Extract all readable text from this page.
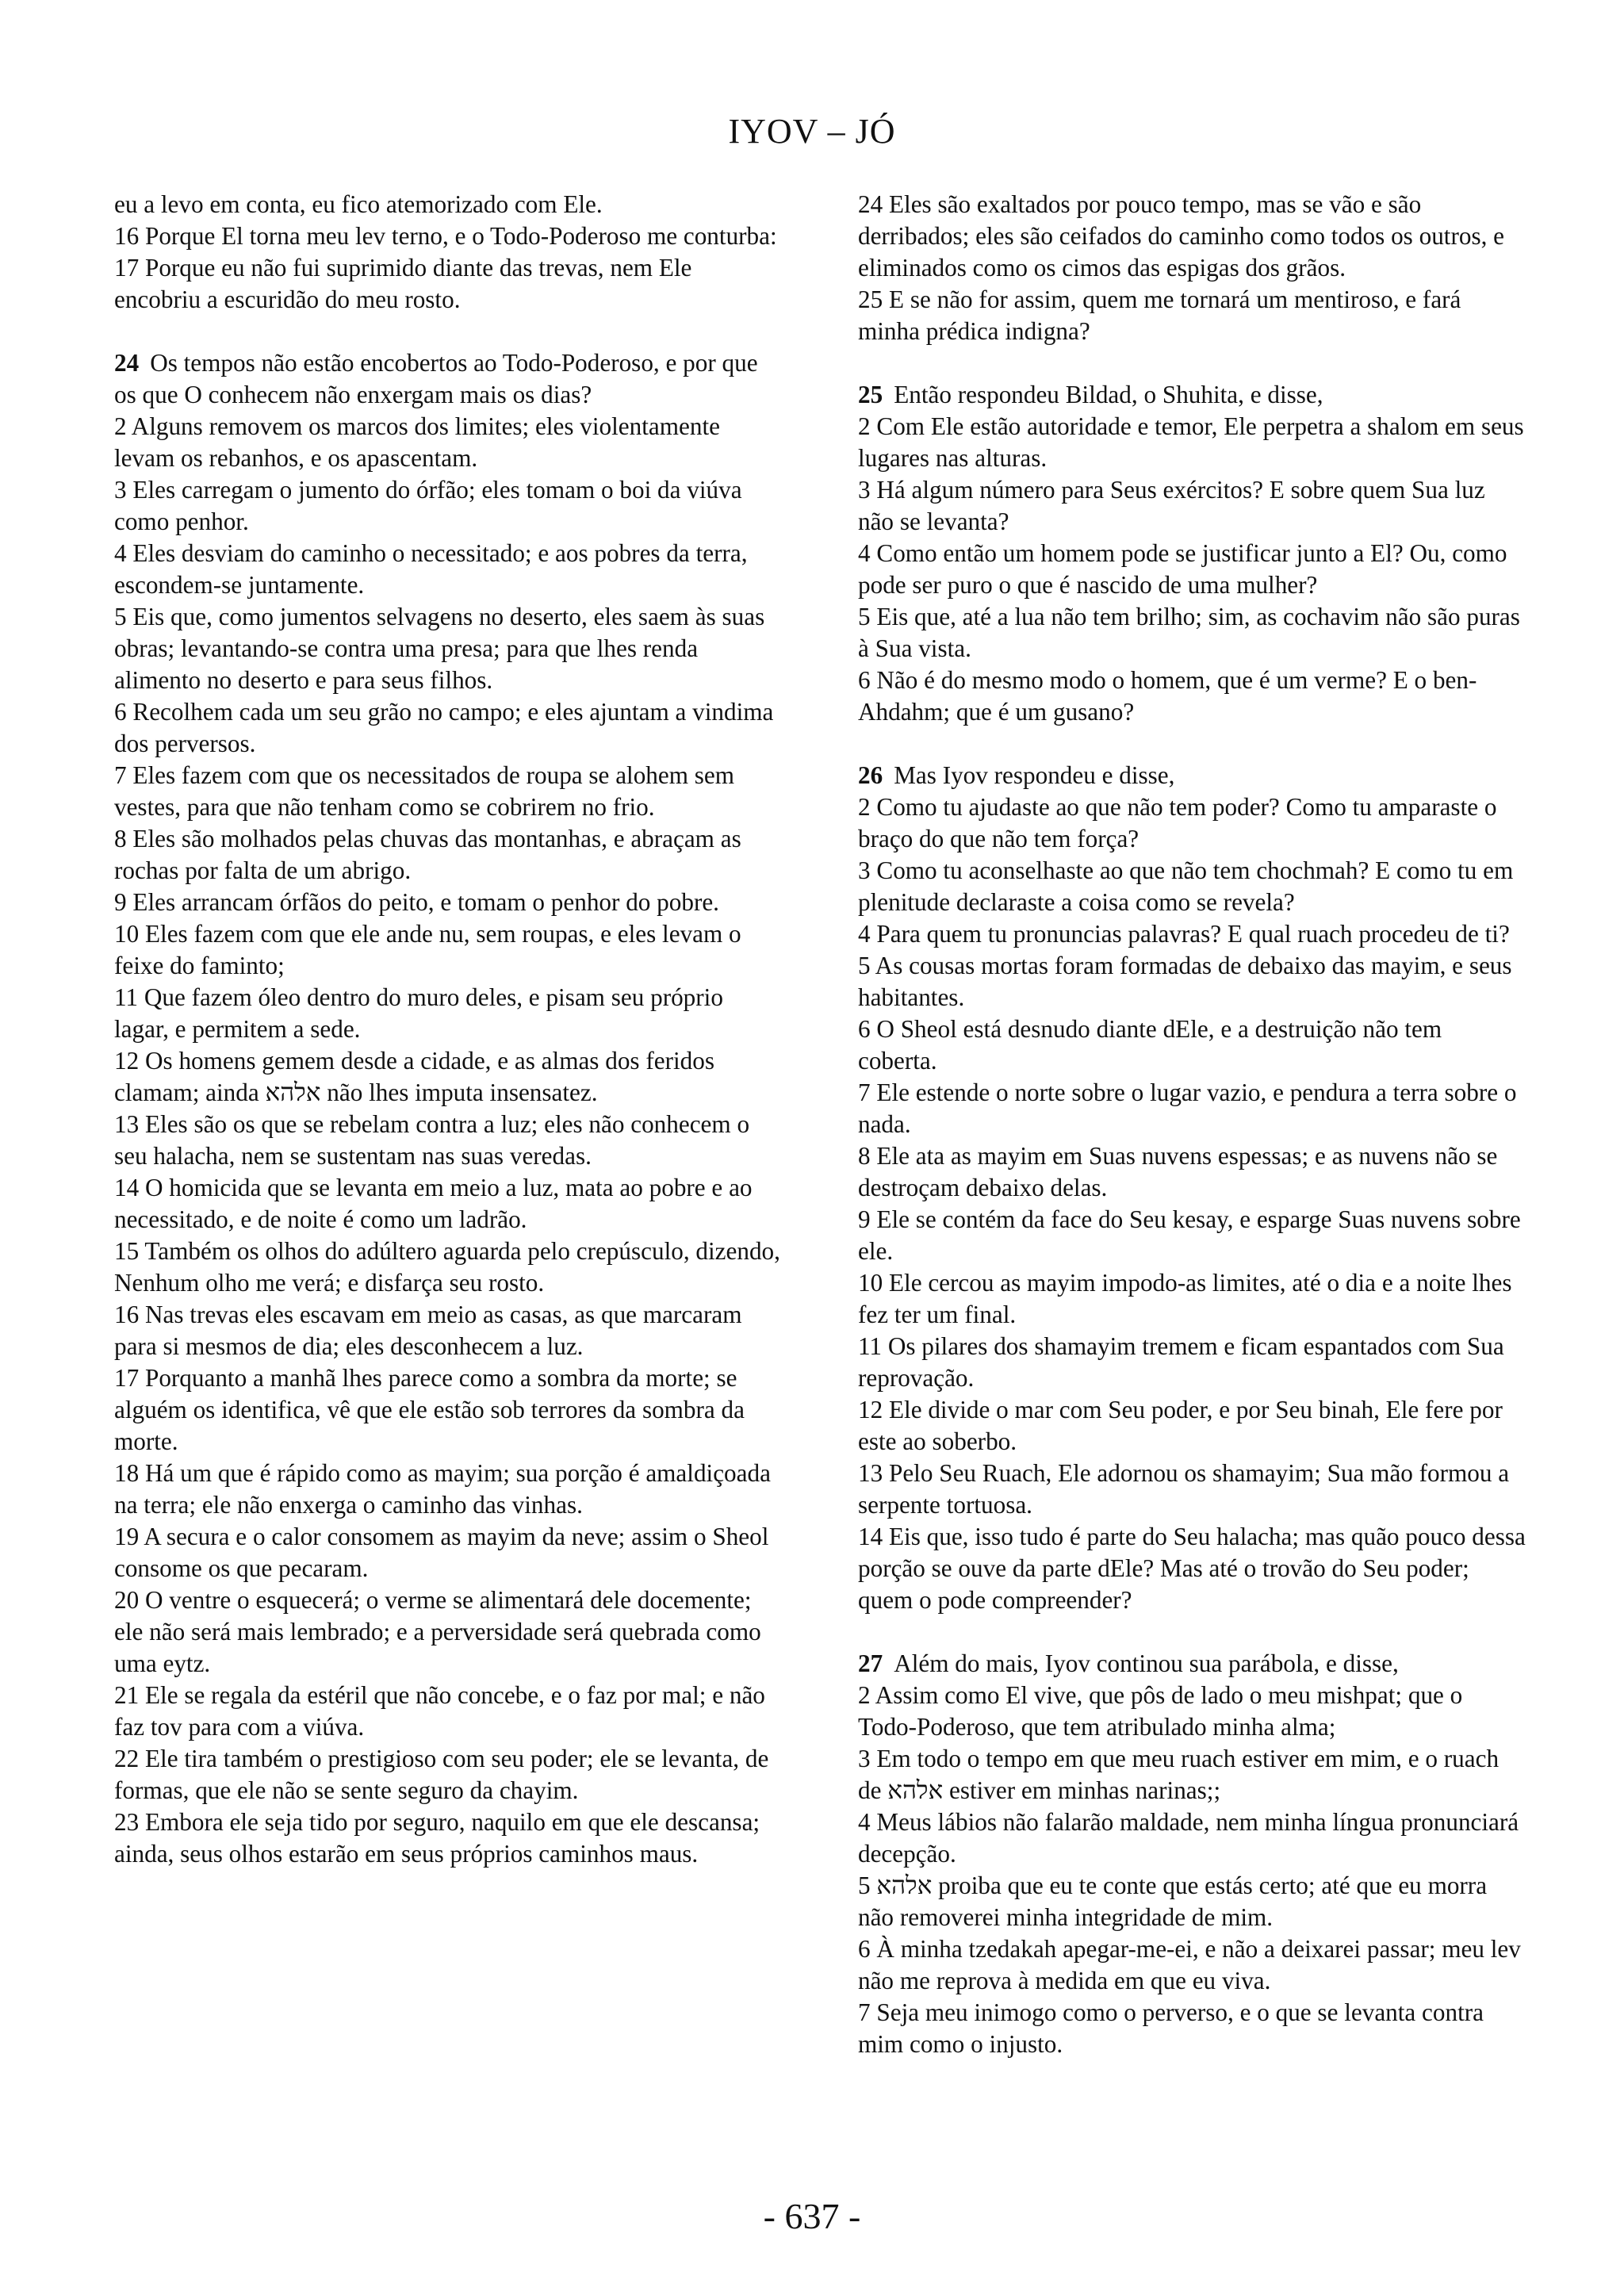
IYOV – JÓ

eu a levo em conta, eu fico atemorizado com Ele.

16 Porque El torna meu lev terno, e o Todo-Poderoso me conturba:

17 Porque eu não fui suprimido diante das trevas, nem Ele encobriu a escuridão do meu rosto.

24 Os tempos não estão encobertos ao Todo-Poderoso, e por que os que O conhecem não enxergam mais os dias?

2 Alguns removem os marcos dos limites; eles violentamente levam os rebanhos, e os apascentam.

3 Eles carregam o jumento do órfão; eles tomam o boi da viúva como penhor.

4 Eles desviam do caminho o necessitado; e aos pobres da terra, escondem-se juntamente.

5 Eis que, como jumentos selvagens no deserto, eles saem às suas obras; levantando-se contra uma presa; para que lhes renda alimento no deserto e para seus filhos.

6 Recolhem cada um seu grão no campo; e eles ajuntam a vindima dos perversos.

7 Eles fazem com que os necessitados de roupa se alohem sem vestes, para que não tenham como se cobrirem no frio.

8 Eles são molhados pelas chuvas das montanhas, e abraçam as rochas por falta de um abrigo.

9 Eles arrancam órfãos do peito, e tomam o penhor do pobre.

10 Eles fazem com que ele ande nu, sem roupas, e eles levam o feixe do faminto;

11 Que fazem óleo dentro do muro deles, e pisam seu próprio lagar, e permitem a sede.

12 Os homens gemem desde a cidade, e as almas dos feridos clamam; ainda אלהא não lhes imputa insensatez.

13 Eles são os que se rebelam contra a luz; eles não conhecem o seu halacha, nem se sustentam nas suas veredas.

14 O homicida que se levanta em meio a luz, mata ao pobre e ao necessitado, e de noite é como um ladrão.

15 Também os olhos do adúltero aguarda pelo crepúsculo, dizendo, Nenhum olho me verá; e disfarça seu rosto.

16 Nas trevas eles escavam em meio as casas, as que marcaram para si mesmos de dia; eles desconhecem a luz.

17 Porquanto a manhã lhes parece como a sombra da morte; se alguém os identifica, vê que ele estão sob terrores da sombra da morte.

18 Há um que é rápido como as mayim; sua porção é amaldiçoada na terra; ele não enxerga o caminho das vinhas.

19 A secura e o calor consomem as mayim da neve; assim o Sheol consome os que pecaram.

20 O ventre o esquecerá; o verme se alimentará dele docemente; ele não será mais lembrado; e a perversidade será quebrada como uma eytz.

21 Ele se regala da estéril que não concebe, e o faz por mal; e não faz tov para com a viúva.

22 Ele tira também o prestigioso com seu poder; ele se levanta, de formas, que ele não se sente seguro da chayim.

23 Embora ele seja tido por seguro, naquilo em que ele descansa; ainda, seus olhos estarão em seus próprios caminhos maus.

24 Eles são exaltados por pouco tempo, mas se vão e são derribados; eles são ceifados do caminho como todos os outros, e eliminados como os cimos das espigas dos grãos.

25 E se não for assim, quem me tornará um mentiroso, e fará minha prédica indigna?

25 Então respondeu Bildad, o Shuhita, e disse,

2 Com Ele estão autoridade e temor, Ele perpetra a shalom em seus lugares nas alturas.

3 Há algum número para Seus exércitos? E sobre quem Sua luz não se levanta?

4 Como então um homem pode se justificar junto a El? Ou, como pode ser puro o que é nascido de uma mulher?

5 Eis que, até a lua não tem brilho; sim, as cochavim não são puras à Sua vista.

6 Não é do mesmo modo o homem, que é um verme? E o ben-Ahdahm; que é um gusano?

26 Mas Iyov respondeu e disse,

2 Como tu ajudaste ao que não tem poder? Como tu amparaste o braço do que não tem força?

3 Como tu aconselhaste ao que não tem chochmah? E como tu em plenitude declaraste a coisa como se revela?

4 Para quem tu pronuncias palavras? E qual ruach procedeu de ti?

5 As cousas mortas foram formadas de debaixo das mayim, e seus habitantes.

6 O Sheol está desnudo diante dEle, e a destruição não tem coberta.

7 Ele estende o norte sobre o lugar vazio, e pendura a terra sobre o nada.

8 Ele ata as mayim em Suas nuvens espessas; e as nuvens não se destroçam debaixo delas.

9 Ele se contém da face do Seu kesay, e esparge Suas nuvens sobre ele.

10 Ele cercou as mayim impodo-as limites, até o dia e a noite lhes fez ter um final.

11 Os pilares dos shamayim tremem e ficam espantados com Sua reprovação.

12 Ele divide o mar com Seu poder, e por Seu binah, Ele fere por este ao soberbo.

13 Pelo Seu Ruach, Ele adornou os shamayim; Sua mão formou a serpente tortuosa.

14 Eis que, isso tudo é parte do Seu halacha; mas quão pouco dessa porção se ouve da parte dEle? Mas até o trovão do Seu poder; quem o pode compreender?

27 Além do mais, Iyov continou sua parábola, e disse,

2 Assim como El vive, que pôs de lado o meu mishpat; que o Todo-Poderoso, que tem atribulado minha alma;

3 Em todo o tempo em que meu ruach estiver em mim, e o ruach de אלהא estiver em minhas narinas;;

4 Meus lábios não falarão maldade, nem minha língua pronunciará decepção.

5 אלהא proiba que eu te conte que estás certo; até que eu morra não removerei minha integridade de mim.

6 À minha tzedakah apegar-me-ei, e não a deixarei passar; meu lev não me reprova à medida em que eu viva.

7 Seja meu inimogo como o perverso, e o que se levanta contra mim como o injusto.

- 637 -
